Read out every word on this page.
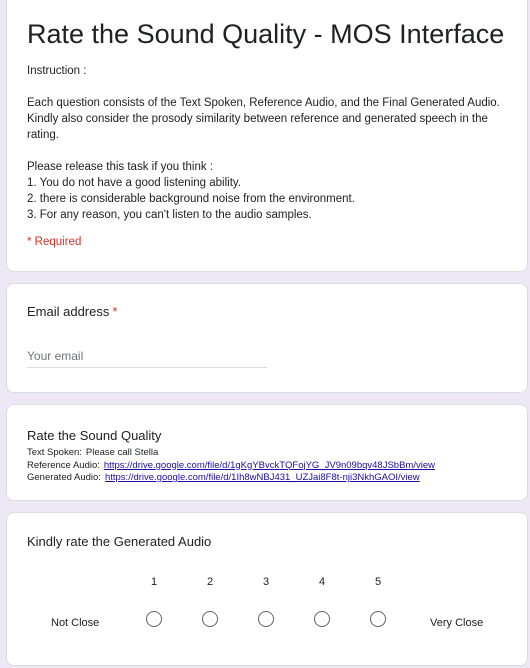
Rate the Sound Quality - MOS Interface

Instruction :

Each question consists of the Text Spoken, Reference Audio, and the Final Generated Audio. Kindly also consider the prosody similarity between reference and generated speech in the rating.

Please release this task if you think :

1. You do not have a good listening ability.

2. there is considerable background noise from the environment.

3. For any reason, you can't listen to the audio samples.

* Required
Email address *
Your email
Rate the Sound Quality
Text Spoken: Please call Stella
Reference Audio: https://drive.google.com/file/d/1gKgYBvckTQFojYG_JV9n09bqv48JSbBm/view
Generated Audio: https://drive.google.com/file/d/1Ih8wNBJ431_UZJai8F8t-nji3NkhGAOI/view
Kindly rate the Generated Audio
1	2	3	4	5
Not Close	Very Close
